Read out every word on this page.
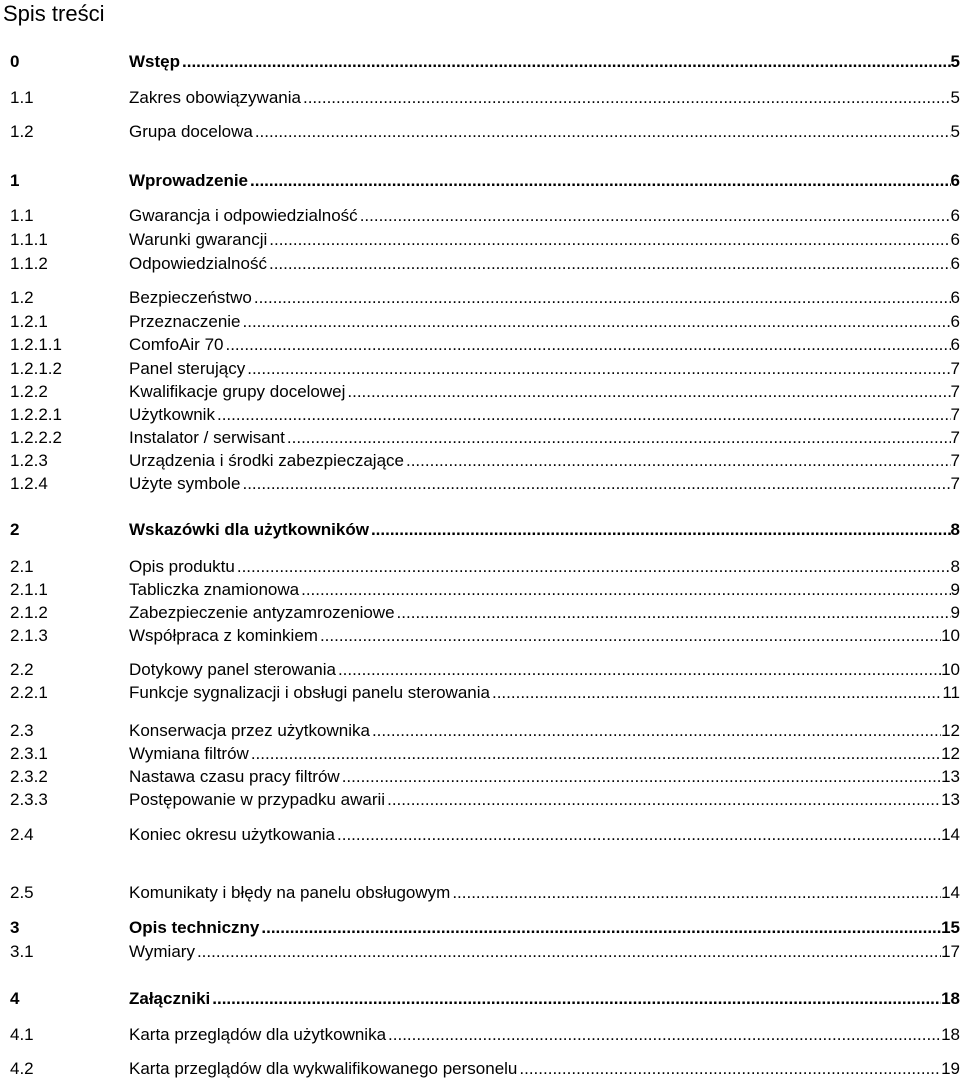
Spis treści
0	Wstęp .....	5
1.1	Zakres obowiązywania .....	5
1.2	Grupa docelowa .....	5
1	Wprowadzenie .....	6
1.1	Gwarancja i odpowiedzialność .....	6
1.1.1	Warunki gwarancji .....	6
1.1.2	Odpowiedzialność .....	6
1.2	Bezpieczeństwo .....	6
1.2.1	Przeznaczenie .....	6
1.2.1.1	ComfoAir 70 .....	6
1.2.1.2	Panel sterujący .....	7
1.2.2	Kwalifikacje grupy docelowej .....	7
1.2.2.1	Użytkownik .....	7
1.2.2.2	Instalator / serwisant .....	7
1.2.3	Urządzenia i środki zabezpieczające .....	7
1.2.4	Użyte symbole .....	7
2	Wskazówki dla użytkowników .....	8
2.1	Opis produktu .....	8
2.1.1	Tabliczka znamionowa .....	9
2.1.2	Zabezpieczenie antyzamrozeniowe .....	9
2.1.3	Współpraca z kominkiem .....	10
2.2	Dotykowy panel sterowania .....	10
2.2.1	Funkcje sygnalizacji i obsługi panelu sterowania .....	11
2.3	Konserwacja przez użytkownika .....	12
2.3.1	Wymiana filtrów .....	12
2.3.2	Nastawa czasu pracy filtrów .....	13
2.3.3	Postępowanie w przypadku awarii .....	13
2.4	Koniec okresu użytkowania .....	14
2.5	Komunikaty i błędy na panelu obsługowym .....	14
3	Opis techniczny .....	15
3.1	Wymiary .....	17
4	Załączniki .....	18
4.1	Karta przeglądów dla użytkownika .....	18
4.2	Karta przeglądów dla wykwalifikowanego personelu .....	19
